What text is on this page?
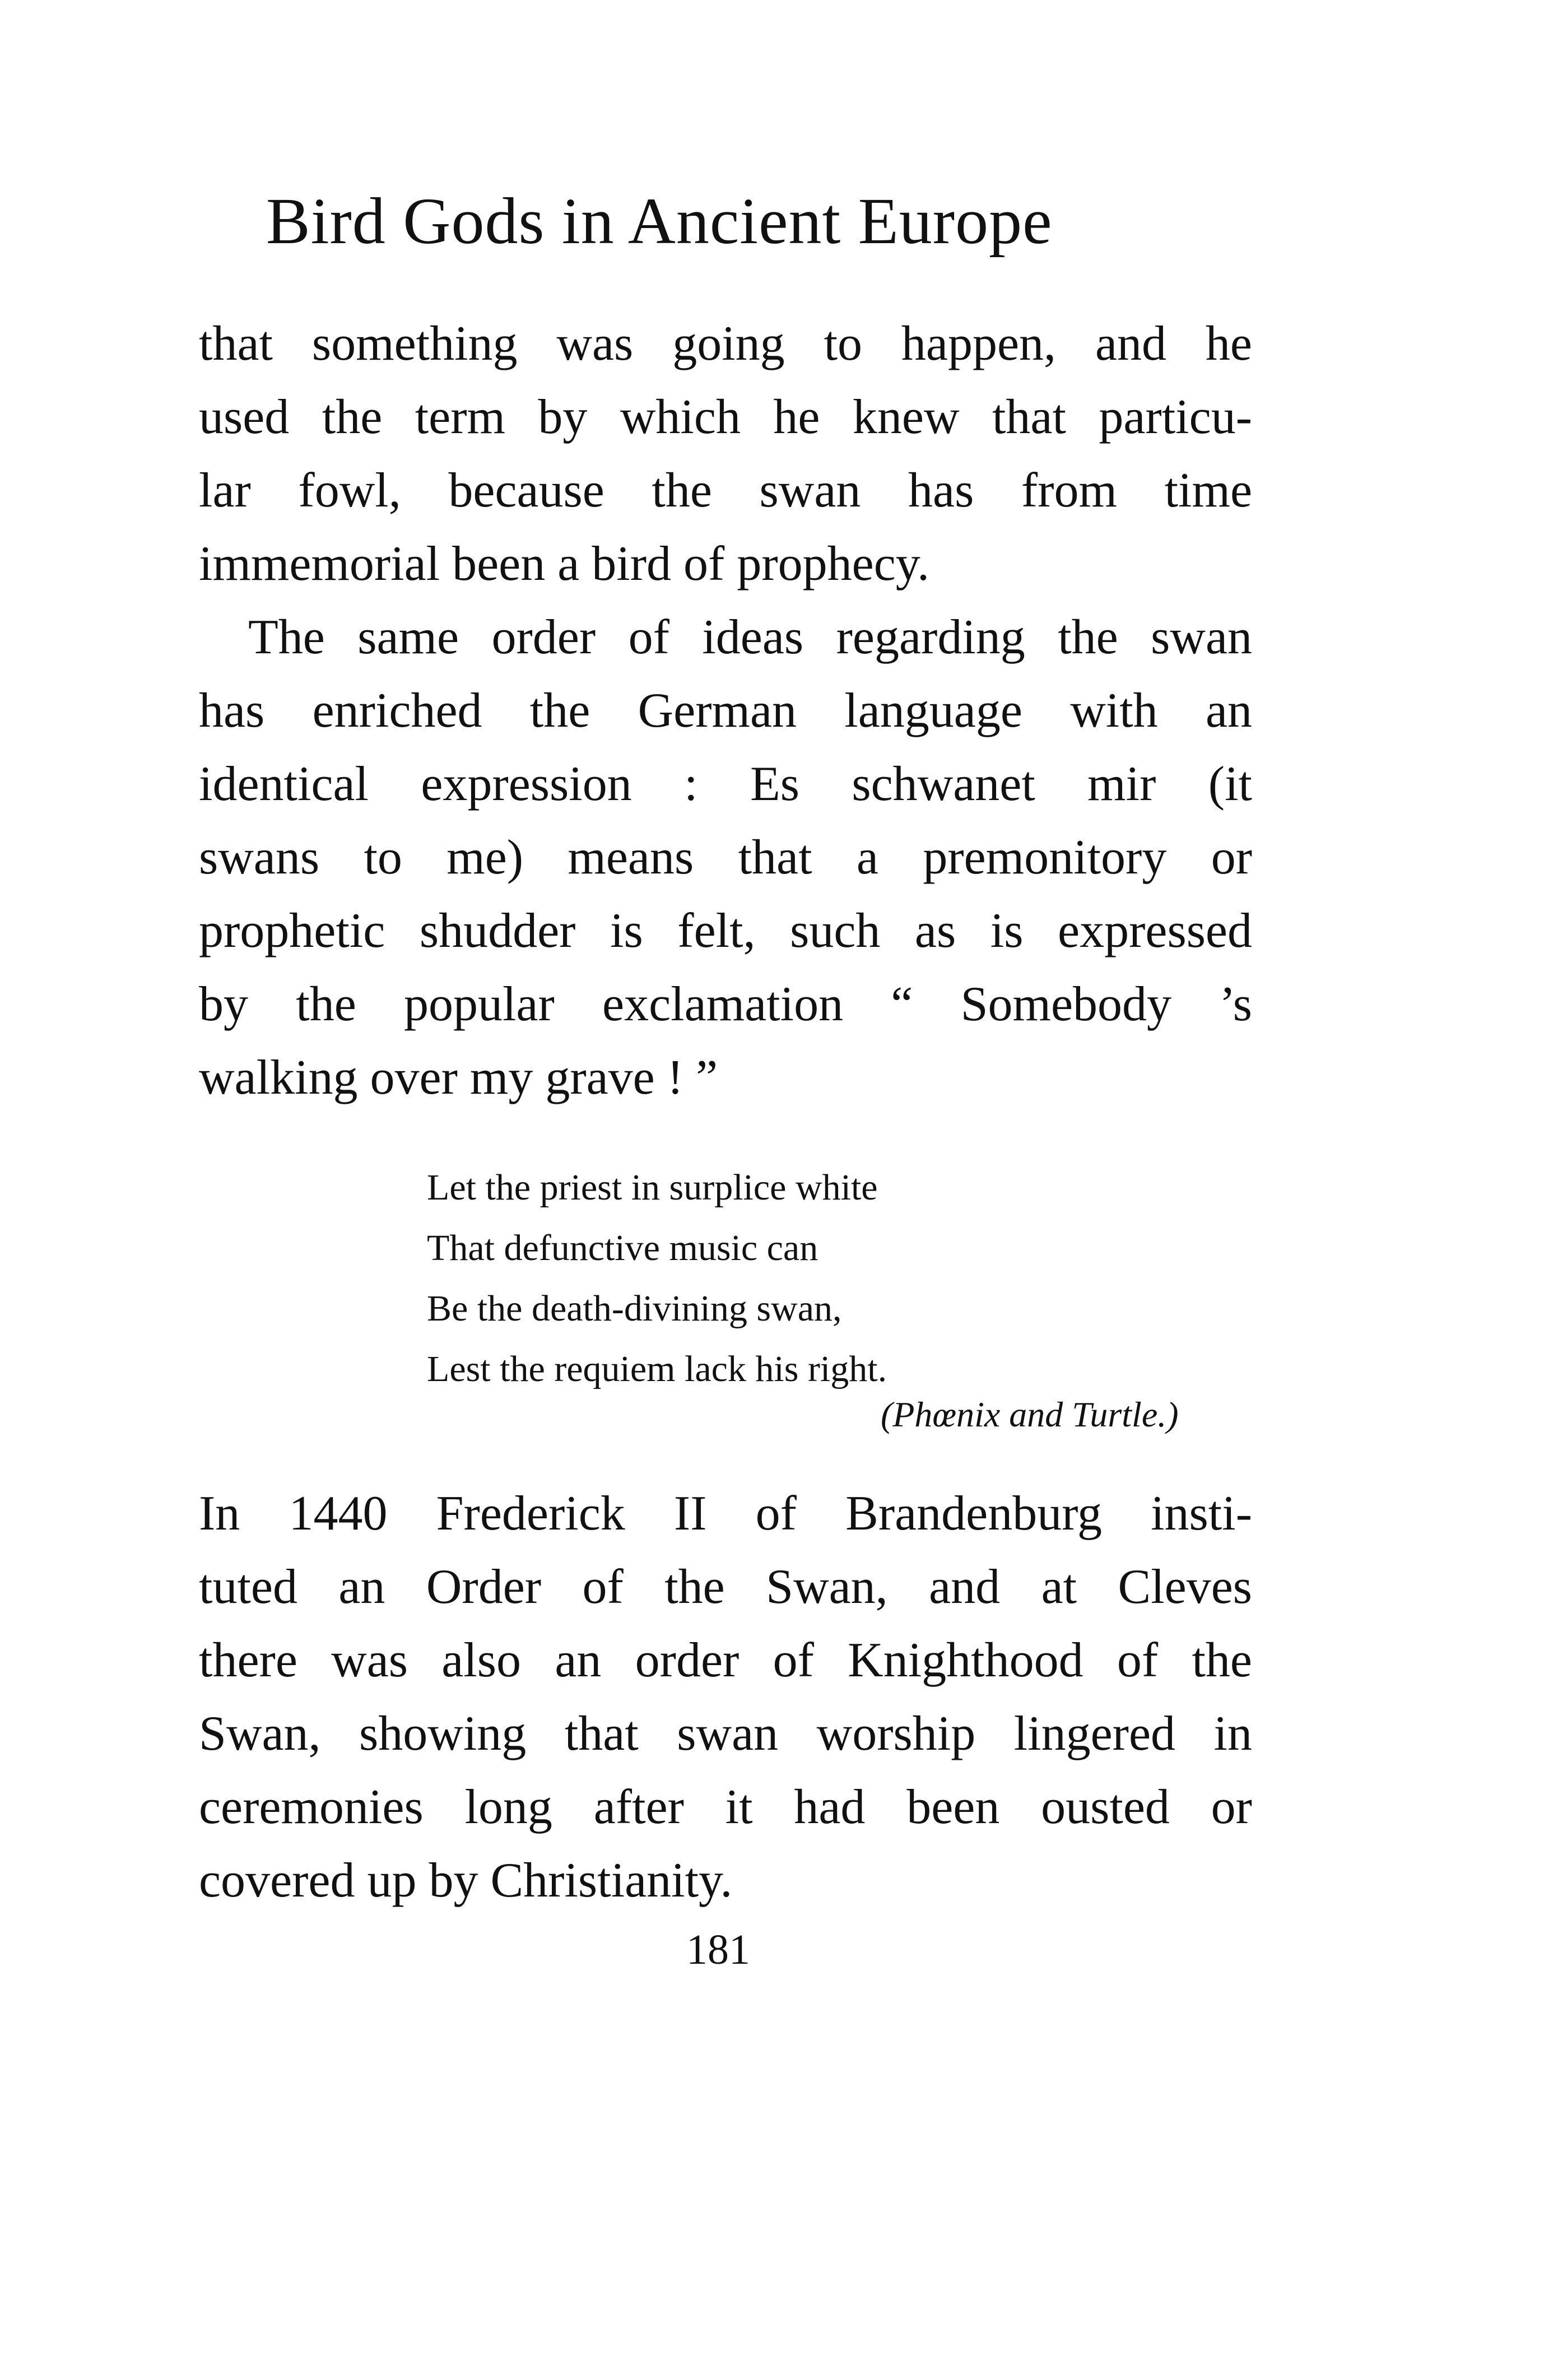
Bird Gods in Ancient Europe
that something was going to happen, and he
used the term by which he knew that particu-
lar fowl, because the swan has from time
immemorial been a bird of prophecy.
The same order of ideas regarding the swan
has enriched the German language with an
identical expression : Es schwanet mir (it
swans to me) means that a premonitory or
prophetic shudder is felt, such as is expressed
by the popular exclamation “ Somebody ’s
walking over my grave ! ”
Let the priest in surplice white
That defunctive music can
Be the death-divining swan,
Lest the requiem lack his right.
(Phœnix and Turtle.)
In 1440 Frederick II of Brandenburg insti-
tuted an Order of the Swan, and at Cleves
there was also an order of Knighthood of the
Swan, showing that swan worship lingered in
ceremonies long after it had been ousted or
covered up by Christianity.
181
